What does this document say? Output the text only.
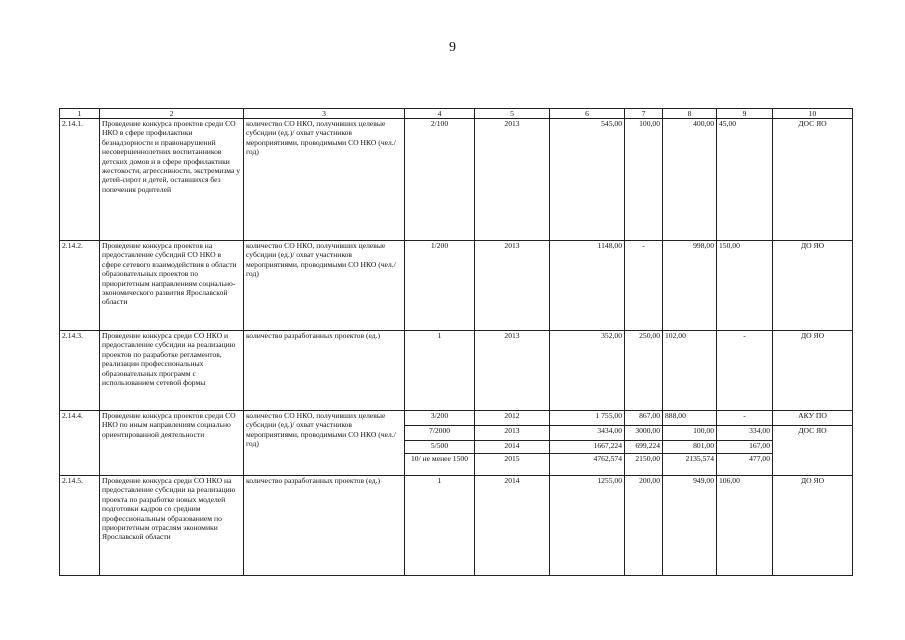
9
1	2	3	4	5	6	7	8	9	10
2.14.1.	Проведение конкурса проектов среди СО НКО в сфере профилактики безнадзорности и правонарушений несовершеннолетних воспитанников детских домов и в сфере профилактики жестокости, агрессивности, экстремизма у детей-сирот и детей, оставшихся без попечения родителей	количество СО НКО, получивших целевые субсидии (ед.)/ охват участников мероприятиями, проводимыми СО НКО (чел./год)	2/100	2013	545,00	100,00	400,00	45,00	ДОС ЯО
2.14.2.	Проведение конкурса проектов на предоставление субсидий СО НКО в сфере сетевого взаимодействия в области образовательных проектов по приоритетным направлениям социально-экономического развития Ярославской области	количество СО НКО, получивших целевые субсидии (ед.)/ охват участников мероприятиями, проводимыми СО НКО (чел./год)	1/200	2013	1148,00	-	998,00	150,00	ДО ЯО
2.14.3.	Проведение конкурса среди СО НКО и предоставление субсидии на реализацию проектов по разработке регламентов, реализации профессиональных образовательных программ с использованием сетевой формы	количество разработанных проектов (ед.)	1	2013	352,00	250,00	102,00	-	ДО ЯО
2.14.4.	Проведение конкурса проектов среди СО НКО по иным направлениям социально ориентированной деятельности	количество СО НКО, получивших целевые субсидии (ед.)/ охват участников мероприятиями, проводимыми СО НКО (чел./год)	3/200	2012	1 755,00	867,00	888,00	-	АКУ ПО
			7/2000	2013	3434,00	3000,00	100,00	334,00	ДОС ЯО
			5/500	2014	1667,224	699,224	801,00	167,00	
			10/ не менее 1500	2015	4762,574	2150,00	2135,574	477,00	
2.14.5.	Проведение конкурса среди СО НКО на предоставление субсидии на реализацию проекта по разработке новых моделей подготовки кадров со средним профессиональным образованием по приоритетным отраслям экономики Ярославской области	количество разработанных проектов (ед.)	1	2014	1255,00	200,00	949,00	106,00	ДО ЯО
